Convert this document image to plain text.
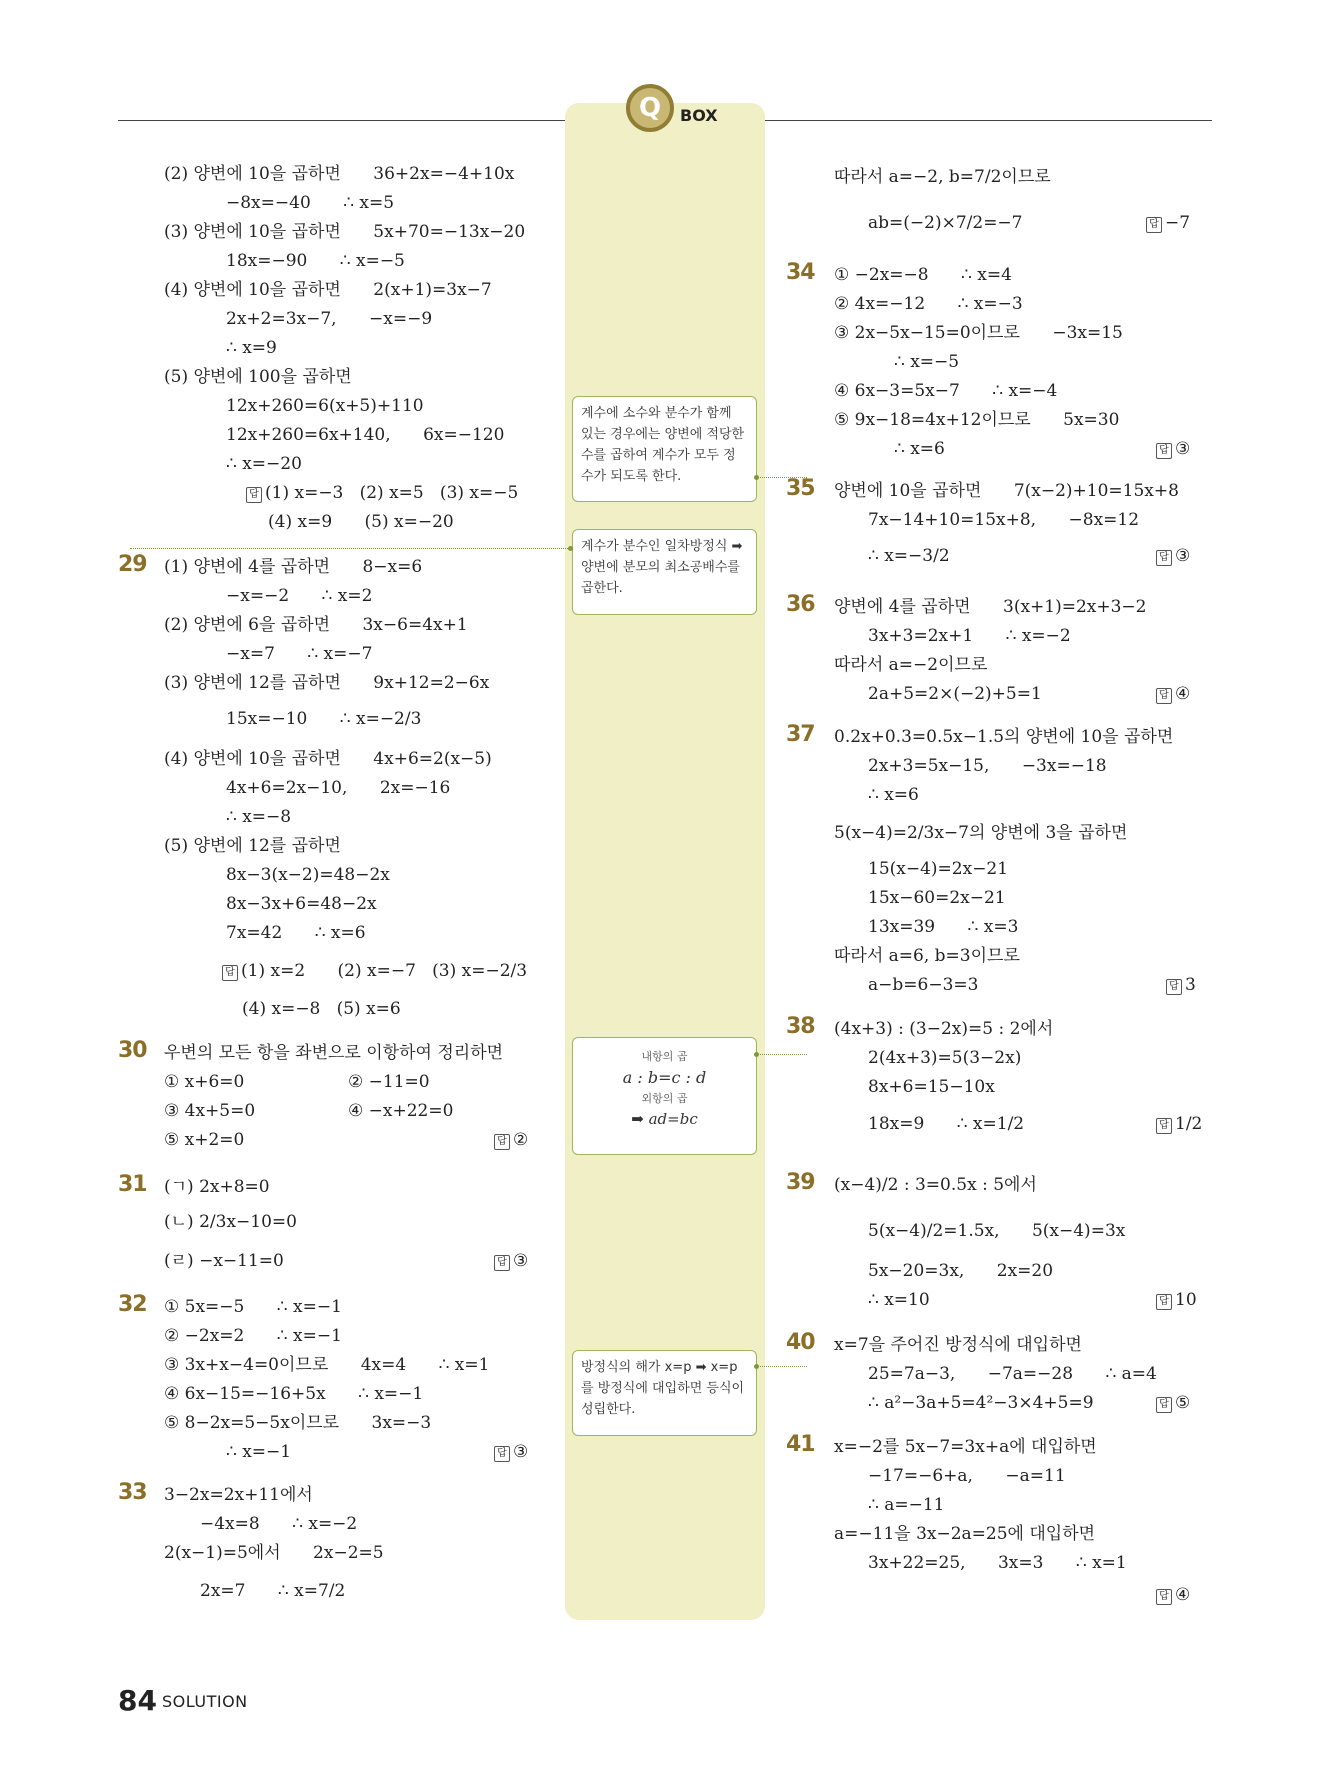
Q	BOX
계수에 소수와 분수가 함께 있는 경우에는 양변에 적당한 수를 곱하여 계수가 모두 정수가 되도록 한다.
계수가 분수인 일차방정식 ➡ 양변에 분모의 최소공배수를 곱한다.
내항의 곱
a : b=c : d
외항의 곱
➡ ad=bc
방정식의 해가 x=p ➡ x=p를 방정식에 대입하면 등식이 성립한다.
(2) 양변에 10을 곱하면      36+2x=−4+10x
−8x=−40      ∴ x=5
(3) 양변에 10을 곱하면      5x+70=−13x−20
18x=−90      ∴ x=−5
(4) 양변에 10을 곱하면      2(x+1)=3x−7
2x+2=3x−7,      −x=−9
∴ x=9
(5) 양변에 100을 곱하면
12x+260=6(x+5)+110
12x+260=6x+140,      6x=−120
∴ x=−20
답 (1) x=−3   (2) x=5   (3) x=−5
(4) x=9      (5) x=−20
29 (1) 양변에 4를 곱하면      8−x=6
−x=−2      ∴ x=2
(2) 양변에 6을 곱하면      3x−6=4x+1
−x=7      ∴ x=−7
(3) 양변에 12를 곱하면      9x+12=2−6x
15x=−10      ∴ x=−2/3
(4) 양변에 10을 곱하면      4x+6=2(x−5)
4x+6=2x−10,      2x=−16
∴ x=−8
(5) 양변에 12를 곱하면
8x−3(x−2)=48−2x
8x−3x+6=48−2x
7x=42      ∴ x=6
답 (1) x=2      (2) x=−7   (3) x=−2/3
(4) x=−8   (5) x=6
30 우변의 모든 항을 좌변으로 이항하여 정리하면
① x+6=0	② −11=0
③ 4x+5=0	④ −x+22=0
⑤ x+2=0	답 ②
31 (ㄱ) 2x+8=0
(ㄴ) 2/3x−10=0
(ㄹ) −x−11=0	답 ③
32 ① 5x=−5      ∴ x=−1
② −2x=2      ∴ x=−1
③ 3x+x−4=0이므로      4x=4      ∴ x=1
④ 6x−15=−16+5x      ∴ x=−1
⑤ 8−2x=5−5x이므로      3x=−3
∴ x=−1	답 ③
33 3−2x=2x+11에서
−4x=8      ∴ x=−2
2(x−1)=5에서      2x−2=5
2x=7      ∴ x=7/2
따라서 a=−2, b=7/2이므로
ab=(−2)×7/2=−7	답 −7
34 ① −2x=−8      ∴ x=4
② 4x=−12      ∴ x=−3
③ 2x−5x−15=0이므로      −3x=15
∴ x=−5
④ 6x−3=5x−7      ∴ x=−4
⑤ 9x−18=4x+12이므로      5x=30
∴ x=6	답 ③
35 양변에 10을 곱하면      7(x−2)+10=15x+8
7x−14+10=15x+8,      −8x=12
∴ x=−3/2	답 ③
36 양변에 4를 곱하면      3(x+1)=2x+3−2
3x+3=2x+1      ∴ x=−2
따라서 a=−2이므로
2a+5=2×(−2)+5=1	답 ④
37 0.2x+0.3=0.5x−1.5의 양변에 10을 곱하면
2x+3=5x−15,      −3x=−18
∴ x=6
5(x−4)=2/3x−7의 양변에 3을 곱하면
15(x−4)=2x−21
15x−60=2x−21
13x=39      ∴ x=3
따라서 a=6, b=3이므로
a−b=6−3=3	답 3
38 (4x+3) : (3−2x)=5 : 2에서
2(4x+3)=5(3−2x)
8x+6=15−10x
18x=9      ∴ x=1/2	답 1/2
39 (x−4)/2 : 3=0.5x : 5에서
5(x−4)/2=1.5x,      5(x−4)=3x
5x−20=3x,      2x=20
∴ x=10	답 10
40 x=7을 주어진 방정식에 대입하면
25=7a−3,      −7a=−28      ∴ a=4
∴ a²−3a+5=4²−3×4+5=9	답 ⑤
41 x=−2를 5x−7=3x+a에 대입하면
−17=−6+a,      −a=11
∴ a=−11
a=−11을 3x−2a=25에 대입하면
3x+22=25,      3x=3      ∴ x=1
답 ④
84 SOLUTION
